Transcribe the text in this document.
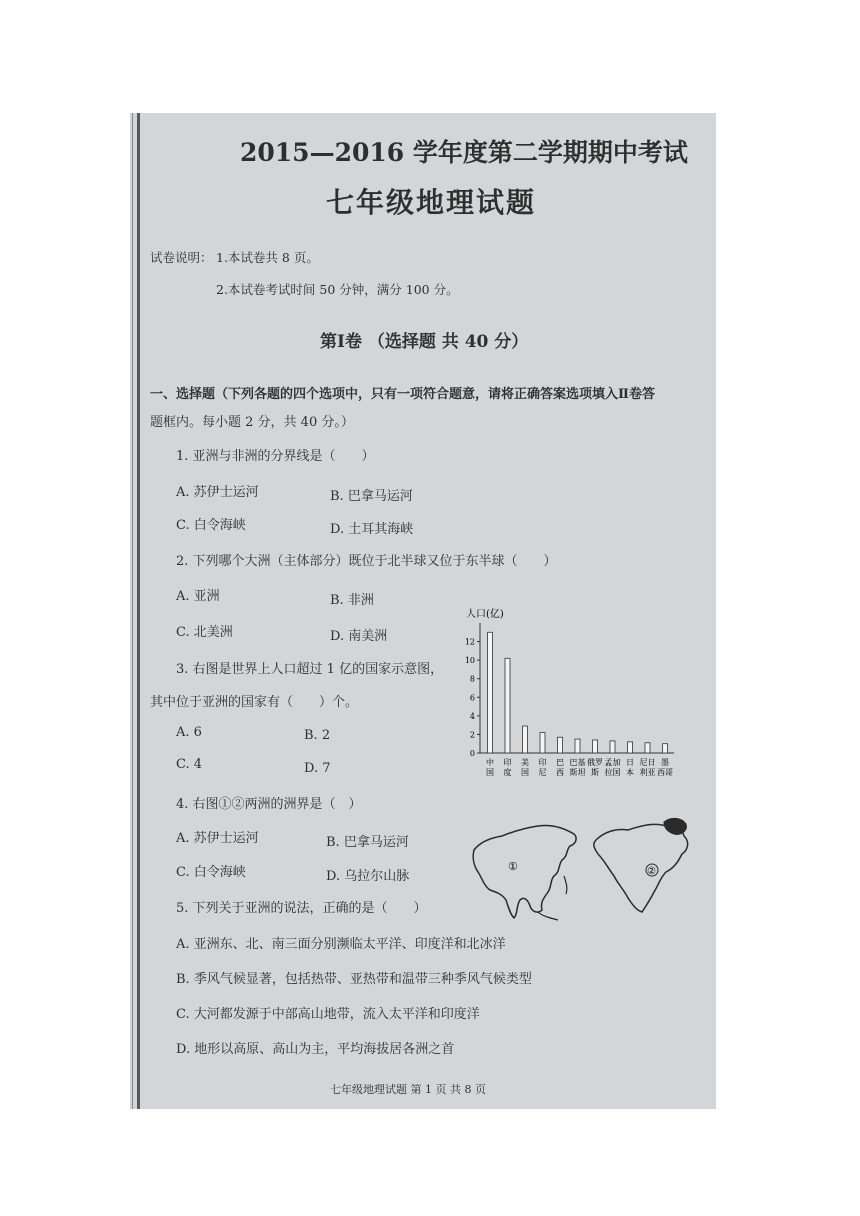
2015—2016 学年度第二学期期中考试
七年级地理试题
试卷说明： 1.本试卷共 8 页。
2.本试卷考试时间 50 分钟，满分 100 分。
第Ⅰ卷 （选择题 共 40 分）
一、选择题（下列各题的四个选项中，只有一项符合题意，请将正确答案选项填入Ⅱ卷答
题框内。每小题 2 分，共 40 分。）
1. 亚洲与非洲的分界线是（　　）
A. 苏伊士运河	B. 巴拿马运河
C. 白令海峡	D. 土耳其海峡
2. 下列哪个大洲（主体部分）既位于北半球又位于东半球（　　）
A. 亚洲	B. 非洲
C. 北美洲	D. 南美洲
3. 右图是世界上人口超过 1 亿的国家示意图，
其中位于亚洲的国家有（　　）个。
A. 6	B. 2
C. 4	D. 7
4. 右图①②两洲的洲界是（　）
A. 苏伊士运河	B. 巴拿马运河
C. 白令海峡	D. 乌拉尔山脉
5. 下列关于亚洲的说法，正确的是（　　）
A. 亚洲东、北、南三面分别濒临太平洋、印度洋和北冰洋
B. 季风气候显著，包括热带、亚热带和温带三种季风气候类型
C. 大河都发源于中部高山地带，流入太平洋和印度洋
D. 地形以高原、高山为主，平均海拔居各洲之首
人口(亿)
0
2
4
6
8
10
12
中
国
印
度
美
国
印
尼
巴
西
巴基
斯坦
俄罗
斯
孟加
拉国
日
本
尼日
利亚
墨
西哥
①	②
七年级地理试题 第 1 页 共 8 页
